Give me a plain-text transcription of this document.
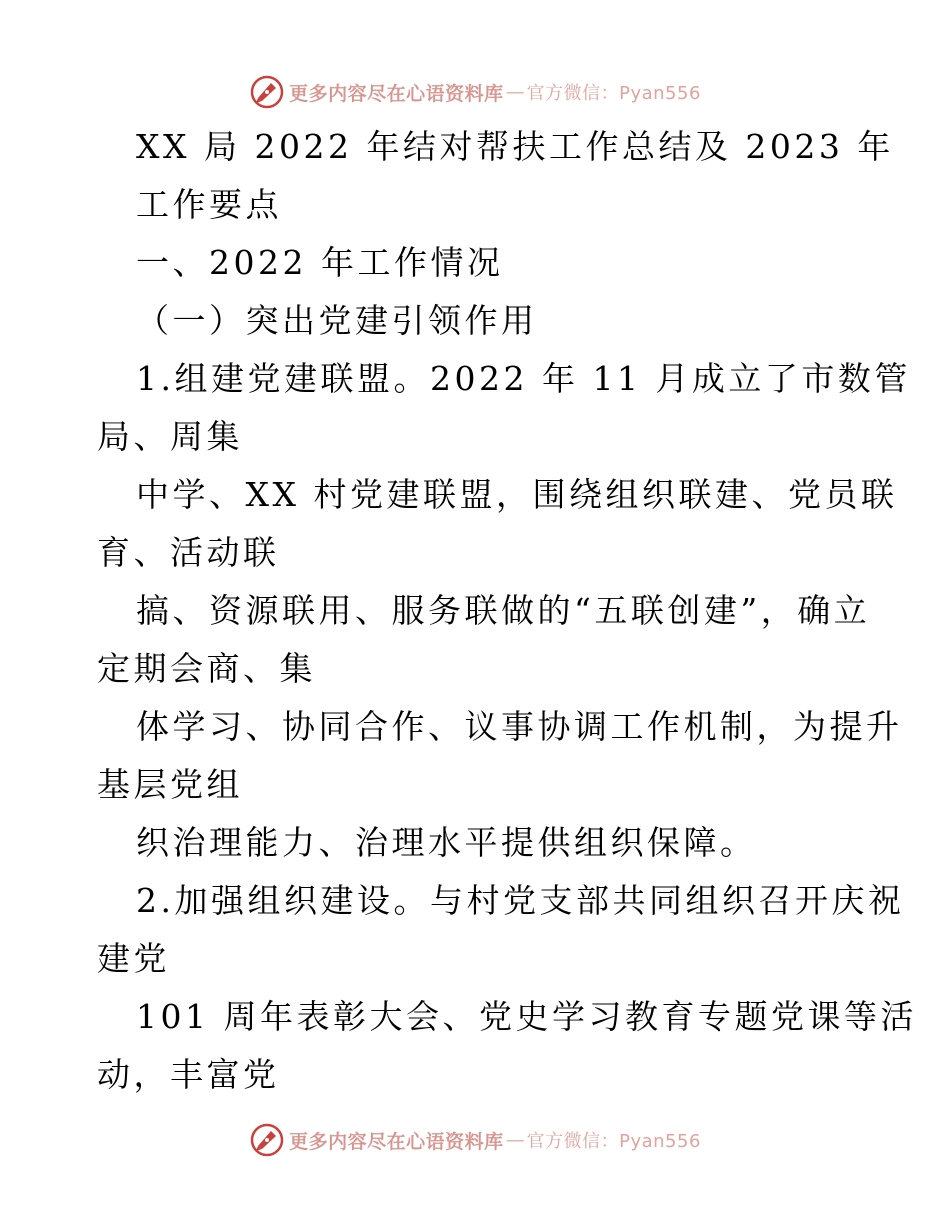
更多内容尽在心语资料库 — 官方微信：Pyan556
XX 局 2022 年结对帮扶工作总结及 2023 年
工作要点
一、2022 年工作情况
（一）突出党建引领作用
1.组建党建联盟。2022 年 11 月成立了市数管
局、周集
中学、XX 村党建联盟，围绕组织联建、党员联
育、活动联
搞、资源联用、服务联做的“五联创建”，确立
定期会商、集
体学习、协同合作、议事协调工作机制，为提升
基层党组
织治理能力、治理水平提供组织保障。
2.加强组织建设。与村党支部共同组织召开庆祝
建党
101 周年表彰大会、党史学习教育专题党课等活
动，丰富党
更多内容尽在心语资料库 — 官方微信：Pyan556
